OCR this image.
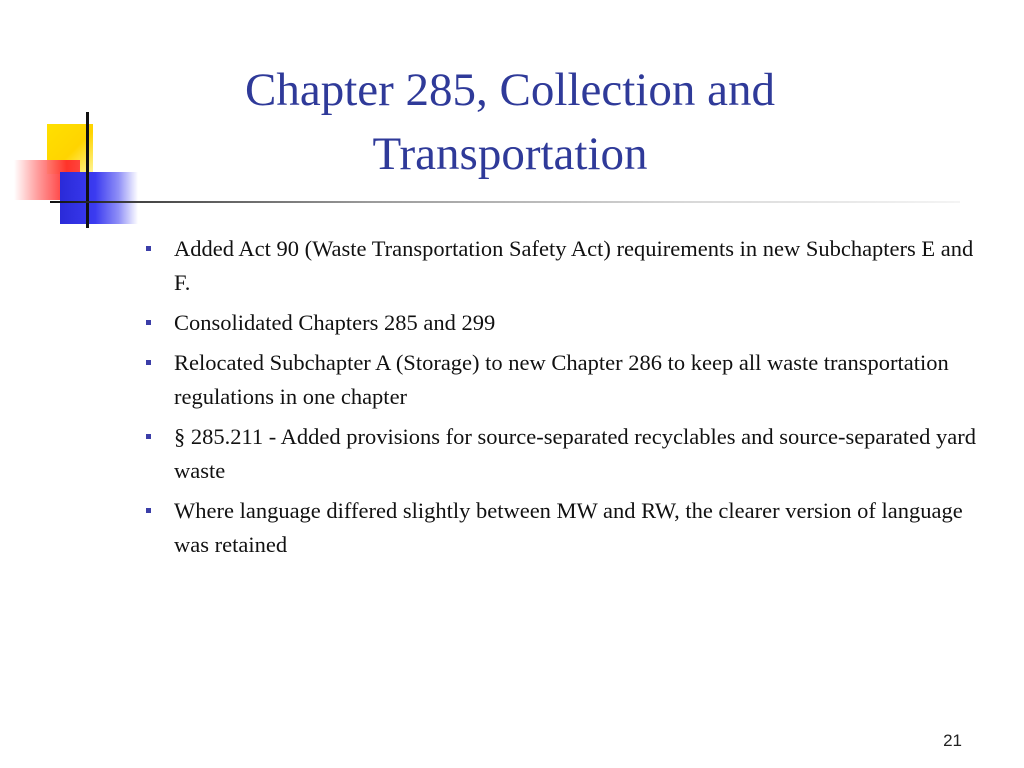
Chapter 285, Collection and Transportation
Added Act 90 (Waste Transportation Safety Act) requirements in new Subchapters E and F.
Consolidated Chapters 285 and 299
Relocated Subchapter A (Storage) to new Chapter 286 to keep all waste transportation regulations in one chapter
§ 285.211 - Added provisions for source-separated recyclables and source-separated yard waste
Where language differed slightly between MW and RW, the clearer version of language was retained
21
